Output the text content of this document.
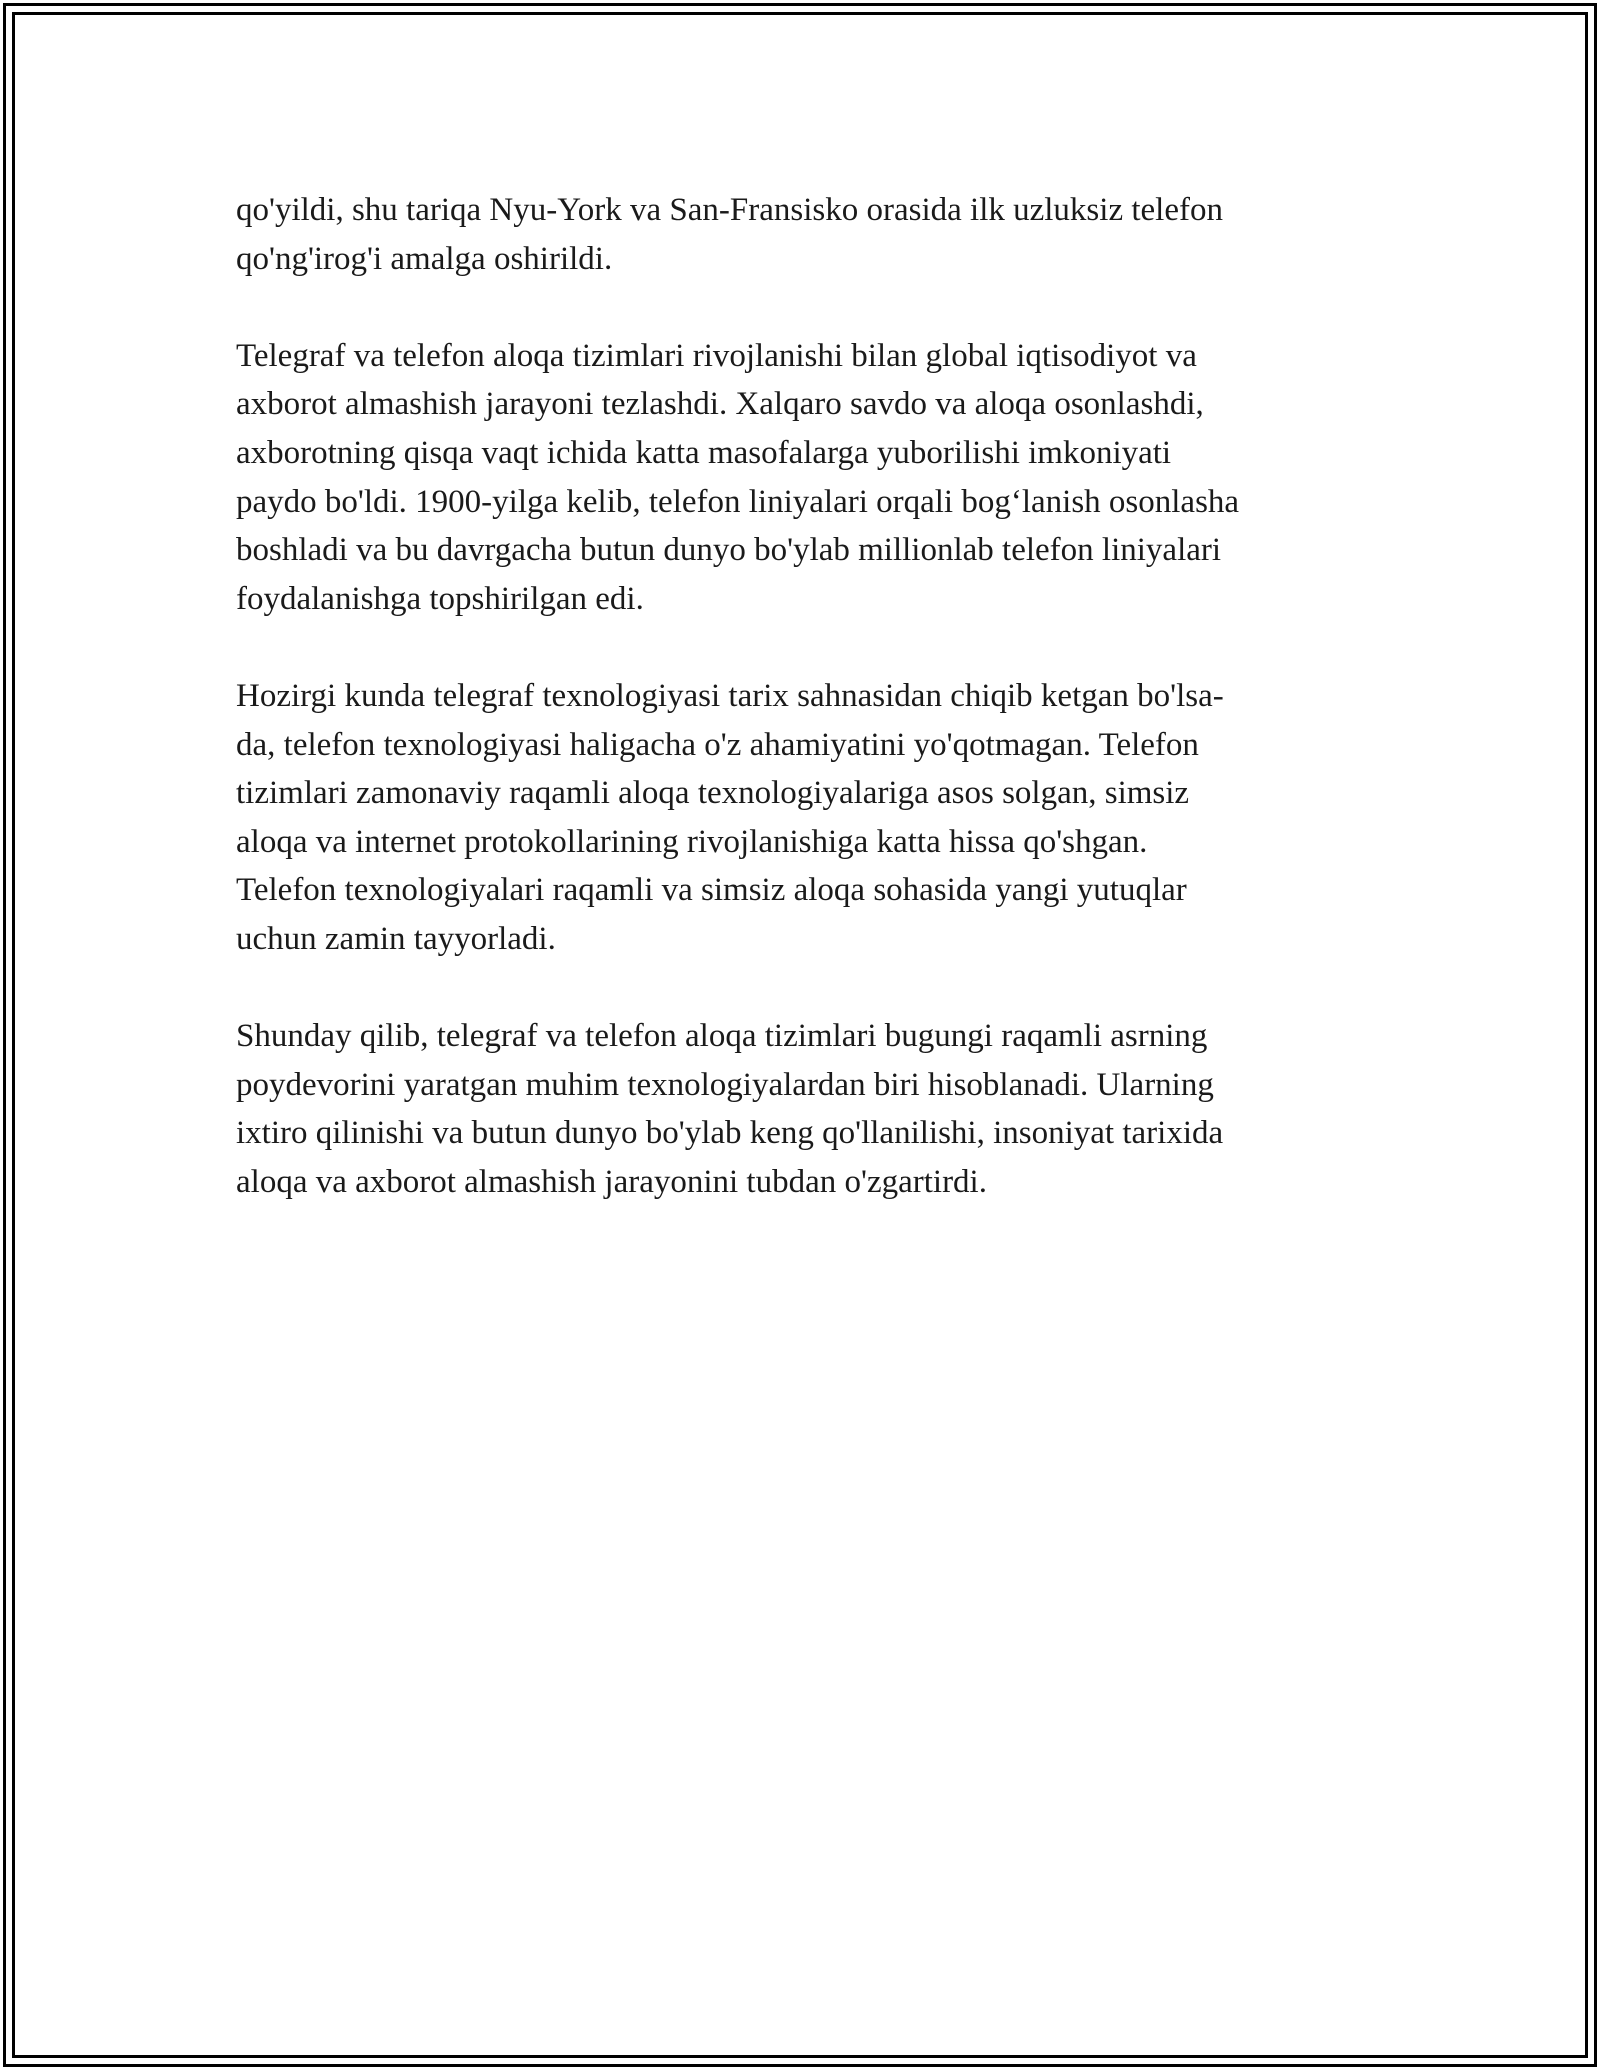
qo'yildi, shu tariqa Nyu-York va San-Fransisko orasida ilk uzluksiz telefon
qo'ng'irog'i amalga oshirildi.

Telegraf va telefon aloqa tizimlari rivojlanishi bilan global iqtisodiyot va
axborot almashish jarayoni tezlashdi. Xalqaro savdo va aloqa osonlashdi,
axborotning qisqa vaqt ichida katta masofalarga yuborilishi imkoniyati
paydo bo'ldi. 1900-yilga kelib, telefon liniyalari orqali bog‘lanish osonlasha
boshladi va bu davrgacha butun dunyo bo'ylab millionlab telefon liniyalari
foydalanishga topshirilgan edi.

Hozirgi kunda telegraf texnologiyasi tarix sahnasidan chiqib ketgan bo'lsa-
da, telefon texnologiyasi haligacha o'z ahamiyatini yo'qotmagan. Telefon
tizimlari zamonaviy raqamli aloqa texnologiyalariga asos solgan, simsiz
aloqa va internet protokollarining rivojlanishiga katta hissa qo'shgan.
Telefon texnologiyalari raqamli va simsiz aloqa sohasida yangi yutuqlar
uchun zamin tayyorladi.

Shunday qilib, telegraf va telefon aloqa tizimlari bugungi raqamli asrning
poydevorini yaratgan muhim texnologiyalardan biri hisoblanadi. Ularning
ixtiro qilinishi va butun dunyo bo'ylab keng qo'llanilishi, insoniyat tarixida
aloqa va axborot almashish jarayonini tubdan o'zgartirdi.
